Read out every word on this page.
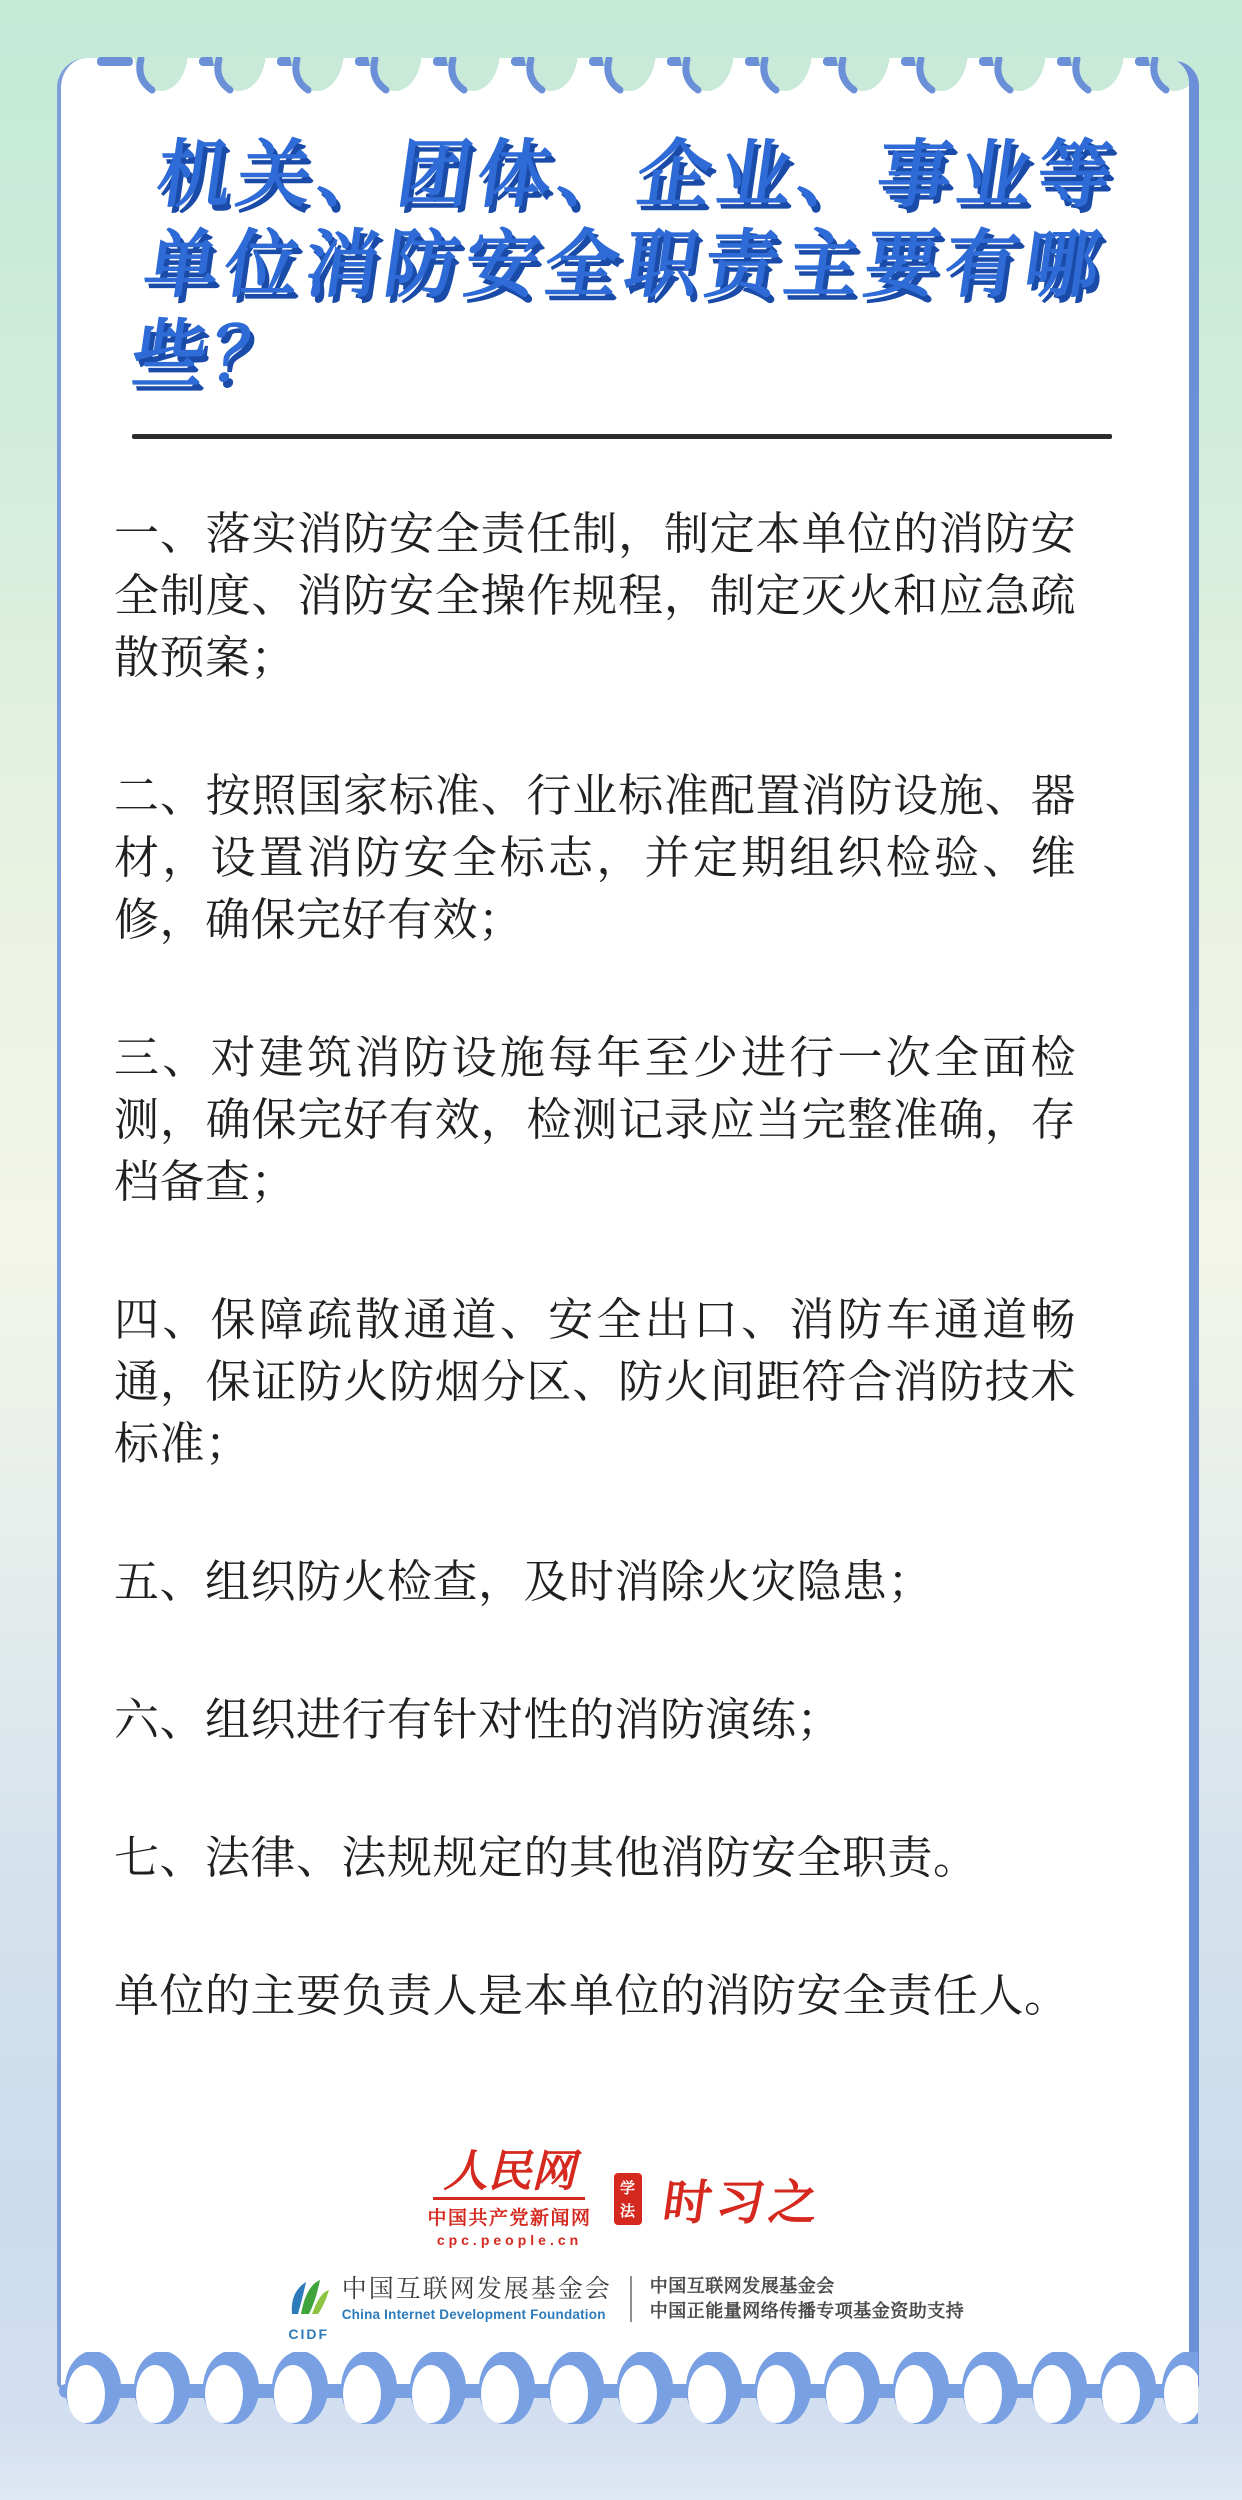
机关、团体、企业、事业等单位消防安全职责主要有哪些？

一、落实消防安全责任制，制定本单位的消防安全制度、消防安全操作规程，制定灭火和应急疏散预案；

二、按照国家标准、行业标准配置消防设施、器材，设置消防安全标志，并定期组织检验、维修，确保完好有效；

三、对建筑消防设施每年至少进行一次全面检测，确保完好有效，检测记录应当完整准确，存档备查；

四、保障疏散通道、安全出口、消防车通道畅通，保证防火防烟分区、防火间距符合消防技术标准；

五、组织防火检查，及时消除火灾隐患；

六、组织进行有针对性的消防演练；

七、法律、法规规定的其他消防安全职责。

单位的主要负责人是本单位的消防安全责任人。

人民网
中国共产党新闻网
cpc.people.cn
学
法 时习之
CIDF
中国互联网发展基金会
China Internet Development Foundation
中国互联网发展基金会
中国正能量网络传播专项基金资助支持
